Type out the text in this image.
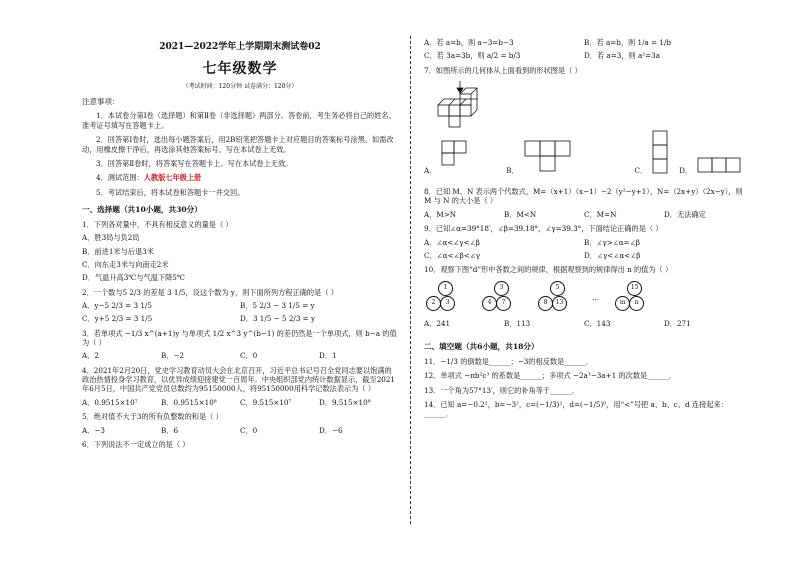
2021—2022学年上学期期末测试卷02
七年级数学
（考试时间：120分钟 试卷满分：120分）
注意事项：

1．本试卷分第Ⅰ卷（选择题）和第Ⅱ卷（非选择题）两部分。答卷前，考生务必将自己的姓名、准考证号填写在答题卡上。

2．回答第Ⅰ卷时，选出每小题答案后，用2B铅笔把答题卡上对应题目的答案标号涂黑。如需改动，用橡皮擦干净后，再选涂其他答案标号。写在本试卷上无效。

3．回答第Ⅱ卷时，将答案写在答题卡上。写在本试卷上无效。

4．测试范围：人教版七年级上册

5．考试结束后，将本试卷和答题卡一并交回。

一、选择题（共10小题，共30分）
1．下列各对量中，不具有相反意义的量是（ ）
A．胜3局与负2局
B．前进1米与后退3米
C．向东走3米与向南走2米
D．气温升高3℃与气温下降5℃
2．一个数与5 2/3 的差是 3 1/5，设这个数为 y，则下面所列方程正确的是（ ）
A．y−5 2/3 = 3 1/5	B．5 2/3 − 3 1/5 = y
C．y+5 2/3 = 3 1/5	D．3 1/5 − 5 2/3 = y
3．若单项式 −1/3 x^(a+1)y 与单项式 1/2 x^3 y^(b−1) 的差仍然是一个单项式，则 b−a 的值为（ ）
A．2	B．−2	C．0	D．1
4．2021年2月20日，党史学习教育动员大会在北京召开，习近平总书记号召全党同志要以饱满的政治热情投身学习教育，以优异成绩迎接建党一百周年。中央组织部党内统计数据显示，截至2021年6月5日，中国共产党党员总数约为95150000人，将95150000用科学记数法表示为（ ）
A．0.9515×10⁷	B．0.9515×10⁸	C．9.515×10⁷	D．9.515×10⁸
5．绝对值不大于3的所有负整数的和是（ ）
A．−3	B．6	C．0	D．−6
6．下列说法不一定成立的是（ ）
A．若 a=b，则 a−3=b−3	B．若 a=b，则 1/a = 1/b
C．若 3a=3b，则 a/2 = b/3	D．若 a=3，则 a²=3a
7．如图所示的几何体从上面看到的形状图是（ ）
A．	B．	C．	D．
8．已知 M、N 表示两个代数式，M=（x+1）（x−1）−2（y²−y+1），N=（2x+y）（2x−y），则 M 与 N 的大小是（ ）
A．M>N	B．M<N	C．M=N	D．无法确定
9．已知∠α=39°18′，∠β=39.18°，∠γ=39.3°，下面结论正确的是（ ）
A．∠α<∠γ<∠β	B．∠γ>∠α=∠β
C．∠α<∠β<∠γ	D．∠γ<∠α<∠β
10．观察下图“d”形中各数之间的规律，根据观察到的规律得出 n 的值为（ ）
1
2	3
3
4	7
5
8	13
…
15
m	n
A．241	B．113	C．143	D．271
二、填空题（共6小题，共18分）
11．−1/3 的倒数是______；−3的相反数是______．
12．单项式 −πb²c³ 的系数是______；多项式 −2a³−3a+1 的次数是______．
13．一个角为57°13′，则它的补角等于______．
14．已知 a=−0.2²，b=−3²，c=(−1/3)²，d=(−1/5)⁰，用“<”号把 a、b、c、d 连接起来：______．
